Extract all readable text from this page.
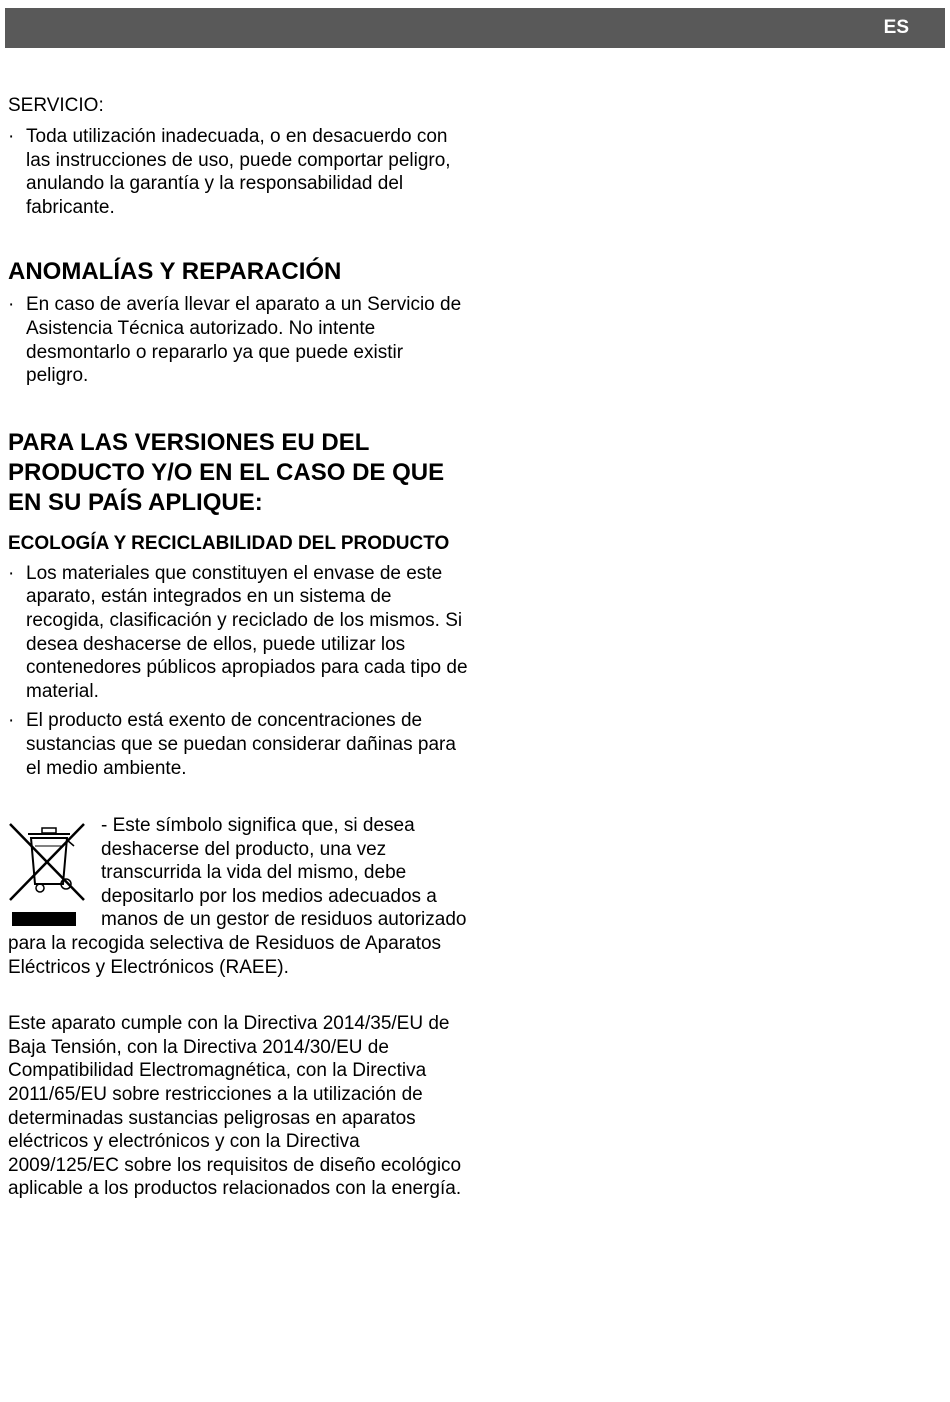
ES
SERVICIO:
· Toda utilización inadecuada, o en desacuerdo con las instrucciones de uso, puede comportar peligro, anulando la garantía y la responsabilidad del fabricante.
ANOMALÍAS Y REPARACIÓN
· En caso de avería llevar el aparato a un Servicio de Asistencia Técnica autorizado. No intente desmontarlo o repararlo ya que puede existir peligro.
PARA LAS VERSIONES EU DEL PRODUCTO Y/O EN EL CASO DE QUE EN SU PAÍS APLIQUE:
ECOLOGÍA Y RECICLABILIDAD DEL PRODUCTO
· Los materiales que constituyen el envase de este aparato, están integrados en un sistema de recogida, clasificación y reciclado de los mismos. Si desea deshacerse de ellos, puede utilizar los contenedores públicos apropiados para cada tipo de material.
· El producto está exento de concentraciones de sustancias que se puedan considerar dañinas para el medio ambiente.
- Este símbolo significa que, si desea deshacerse del producto, una vez transcurrida la vida del mismo, debe depositarlo por los medios adecuados a manos de un gestor de residuos autorizado para la recogida selectiva de Residuos de Aparatos Eléctricos y Electrónicos (RAEE).

Este aparato cumple con la Directiva 2014/35/EU de Baja Tensión, con la Directiva 2014/30/EU de Compatibilidad Electromagnética, con la Directiva 2011/65/EU sobre restricciones a la utilización de determinadas sustancias peligrosas en aparatos eléctricos y electrónicos y con la Directiva 2009/125/EC sobre los requisitos de diseño ecológico aplicable a los productos relacionados con la energía.
